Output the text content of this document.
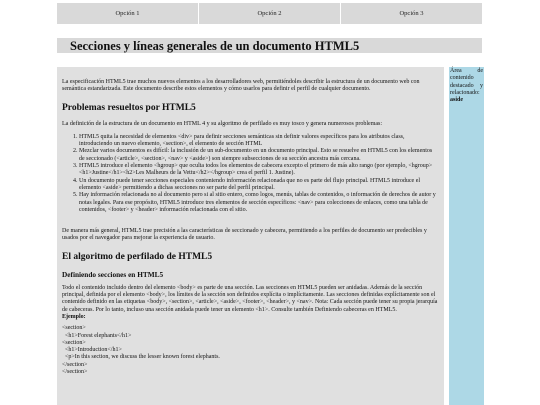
Opción 1	Opción 2	Opción 3
Secciones y líneas generales de un documento HTML5

La especificación HTML5 trae muchos nuevos elementos a los desarrolladores web, permitiéndoles describir la estructura de un documento web con semántica estandarizada. Este documento describe estos elementos y cómo usarlos para definir el perfil de cualquier documento.

Problemas resueltos por HTML5

La definición de la estructura de un documento en HTML 4 y su algoritmo de perfilado es muy tosco y genera numerosos problemas:

1. HTML5 quita la necesidad de elementos <div> para definir secciones semánticas sin definir valores específicos para los atributos class, introduciendo un nuevo elemento, <section>, el elemento de sección HTML
2. Mezclar varios documentos es difícil: la inclusión de un sub-documento en un documento principal. Esto se resuelve en HTML5 con los elementos de seccionado (<article>, <section>, <nav> y <aside>) son siempre subsecciones de su sección ancestra más cercana.
3. HTML5 introduce el elemento <hgroup> que oculta todos los elementos de cabecera excepto el primero de más alto rango (por ejemplo, <hgroup><h1>Justine</h1><h2>Les Malheurs de la Vettu</h2></hgroup> crea el perfil 1. Justine).
4. Un documento puede tener secciones especiales conteniendo información relacionada que no es parte del flujo principal. HTML5 introduce el elemento <aside> permitiendo a dichas secciones no ser parte del perfil principal.
5. Hay información relacionada no al documento pero si al sitio entero, como logos, menús, tablas de contenidos, o información de derechos de autor y notas legales. Para ese propósito, HTML5 introduce tres elementos de sección específicos: <nav> para colecciones de enlaces, como una tabla de contenidos, <footer> y <header> información relacionada con el sitio.

De manera más general, HTML5 trae precisión a las características de seccionado y cabecera, permitiendo a los perfiles de documento ser predecibles y usados por el navegador para mejorar la experiencia de usuario.

El algoritmo de perfilado de HTML5
Definiendo secciones en HTML5

Todo el contenido incluido dentro del elemento <body> es parte de una sección. Las secciones en HTML5 pueden ser anidadas. Además de la sección principal, definida por el elemento <body>, los límites de la sección son definidos explícita o implícitamente. Las secciones definidas explícitamente son el contenido definido en las etiquetas <body>, <section>, <article>, <aside>, <footer>, <header>, y <nav>. Nota: Cada sección puede tener su propia jerarquía de cabeceras. Por lo tanto, incluso una sección anidada puede tener un elemento <h1>. Consulte también Definiendo cabeceras en HTML5.

Ejemplo:

<section>
<h1>Forest elephants</h1>
<section>
<h1>Introduction</h1>
<p>In this section, we discuss the lesser known forest elephants.
</section>
</section>
Área de contenido destacado y relacionado:
aside
